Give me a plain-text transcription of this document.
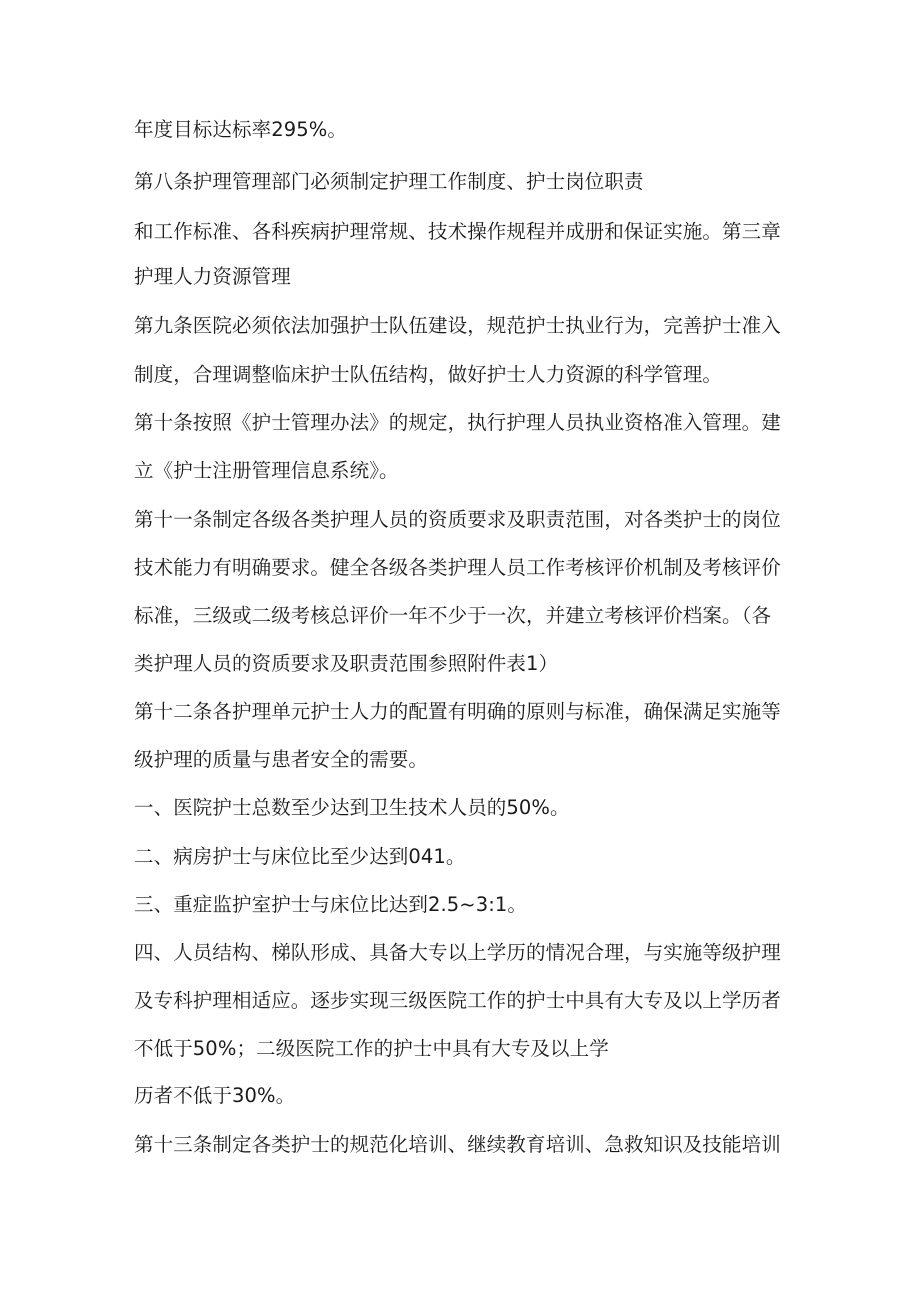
年度目标达标率295%。
第八条护理管理部门必须制定护理工作制度、护士岗位职责
和工作标准、各科疾病护理常规、技术操作规程并成册和保证实施。第三章
护理人力资源管理
第九条医院必须依法加强护士队伍建设，规范护士执业行为，完善护士准入
制度，合理调整临床护士队伍结构，做好护士人力资源的科学管理。
第十条按照《护士管理办法》的规定，执行护理人员执业资格准入管理。建
立《护士注册管理信息系统》。
第十一条制定各级各类护理人员的资质要求及职责范围，对各类护士的岗位
技术能力有明确要求。健全各级各类护理人员工作考核评价机制及考核评价
标准，三级或二级考核总评价一年不少于一次，并建立考核评价档案。（各
类护理人员的资质要求及职责范围参照附件表1）
第十二条各护理单元护士人力的配置有明确的原则与标准，确保满足实施等
级护理的质量与患者安全的需要。
一、医院护士总数至少达到卫生技术人员的50%。
二、病房护士与床位比至少达到041。
三、重症监护室护士与床位比达到2.5~3:1。
四、人员结构、梯队形成、具备大专以上学历的情况合理，与实施等级护理
及专科护理相适应。逐步实现三级医院工作的护士中具有大专及以上学历者
不低于50%；二级医院工作的护士中具有大专及以上学
历者不低于30%。
第十三条制定各类护士的规范化培训、继续教育培训、急救知识及技能培训
